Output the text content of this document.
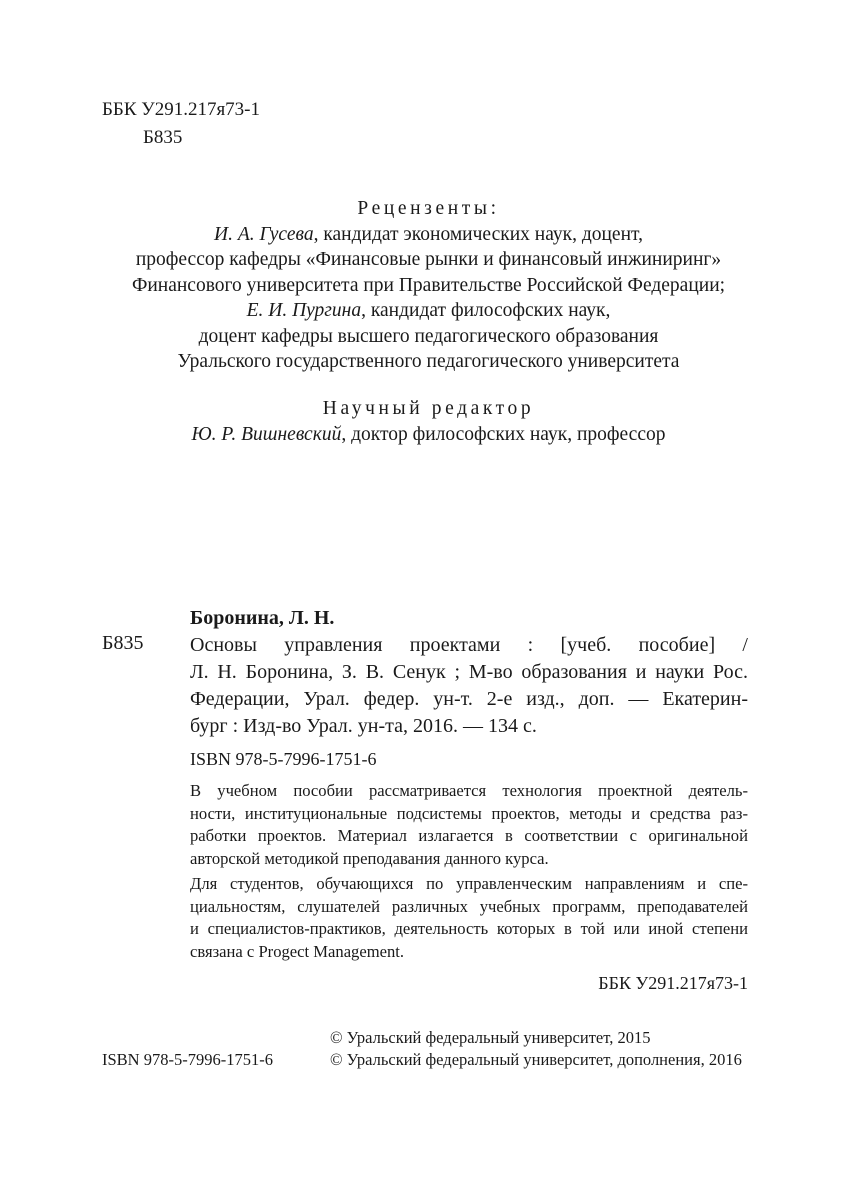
ББК У291.217я73-1
Б835
Рецензенты:
И. А. Гусева, кандидат экономических наук, доцент,
профессор кафедры «Финансовые рынки и финансовый инжиниринг»
Финансового университета при Правительстве Российской Федерации;
Е. И. Пургина, кандидат философских наук,
доцент кафедры высшего педагогического образования
Уральского государственного педагогического университета
Научный редактор
Ю. Р. Вишневский, доктор философских наук, профессор
Б835
Боронина, Л. Н.
Основы управления проектами : [учеб. пособие] /
Л. Н. Боронина, З. В. Сенук ; М-во образования и науки Рос.
Федерации, Урал. федер. ун-т. 2-е изд., доп. — Екатерин-
бург : Изд-во Урал. ун-та, 2016. — 134 с.
ISBN 978-5-7996-1751-6
В учебном пособии рассматривается технология проектной деятель-
ности, институциональные подсистемы проектов, методы и средства раз-
работки проектов. Материал излагается в соответствии с оригинальной
авторской методикой преподавания данного курса.
Для студентов, обучающихся по управленческим направлениям и спе-
циальностям, слушателей различных учебных программ, преподавателей
и специалистов-практиков, деятельность которых в той или иной степени
связана с Progect Management.
ББК У291.217я73-1
© Уральский федеральный университет, 2015
© Уральский федеральный университет, дополнения, 2016
ISBN 978-5-7996-1751-6
